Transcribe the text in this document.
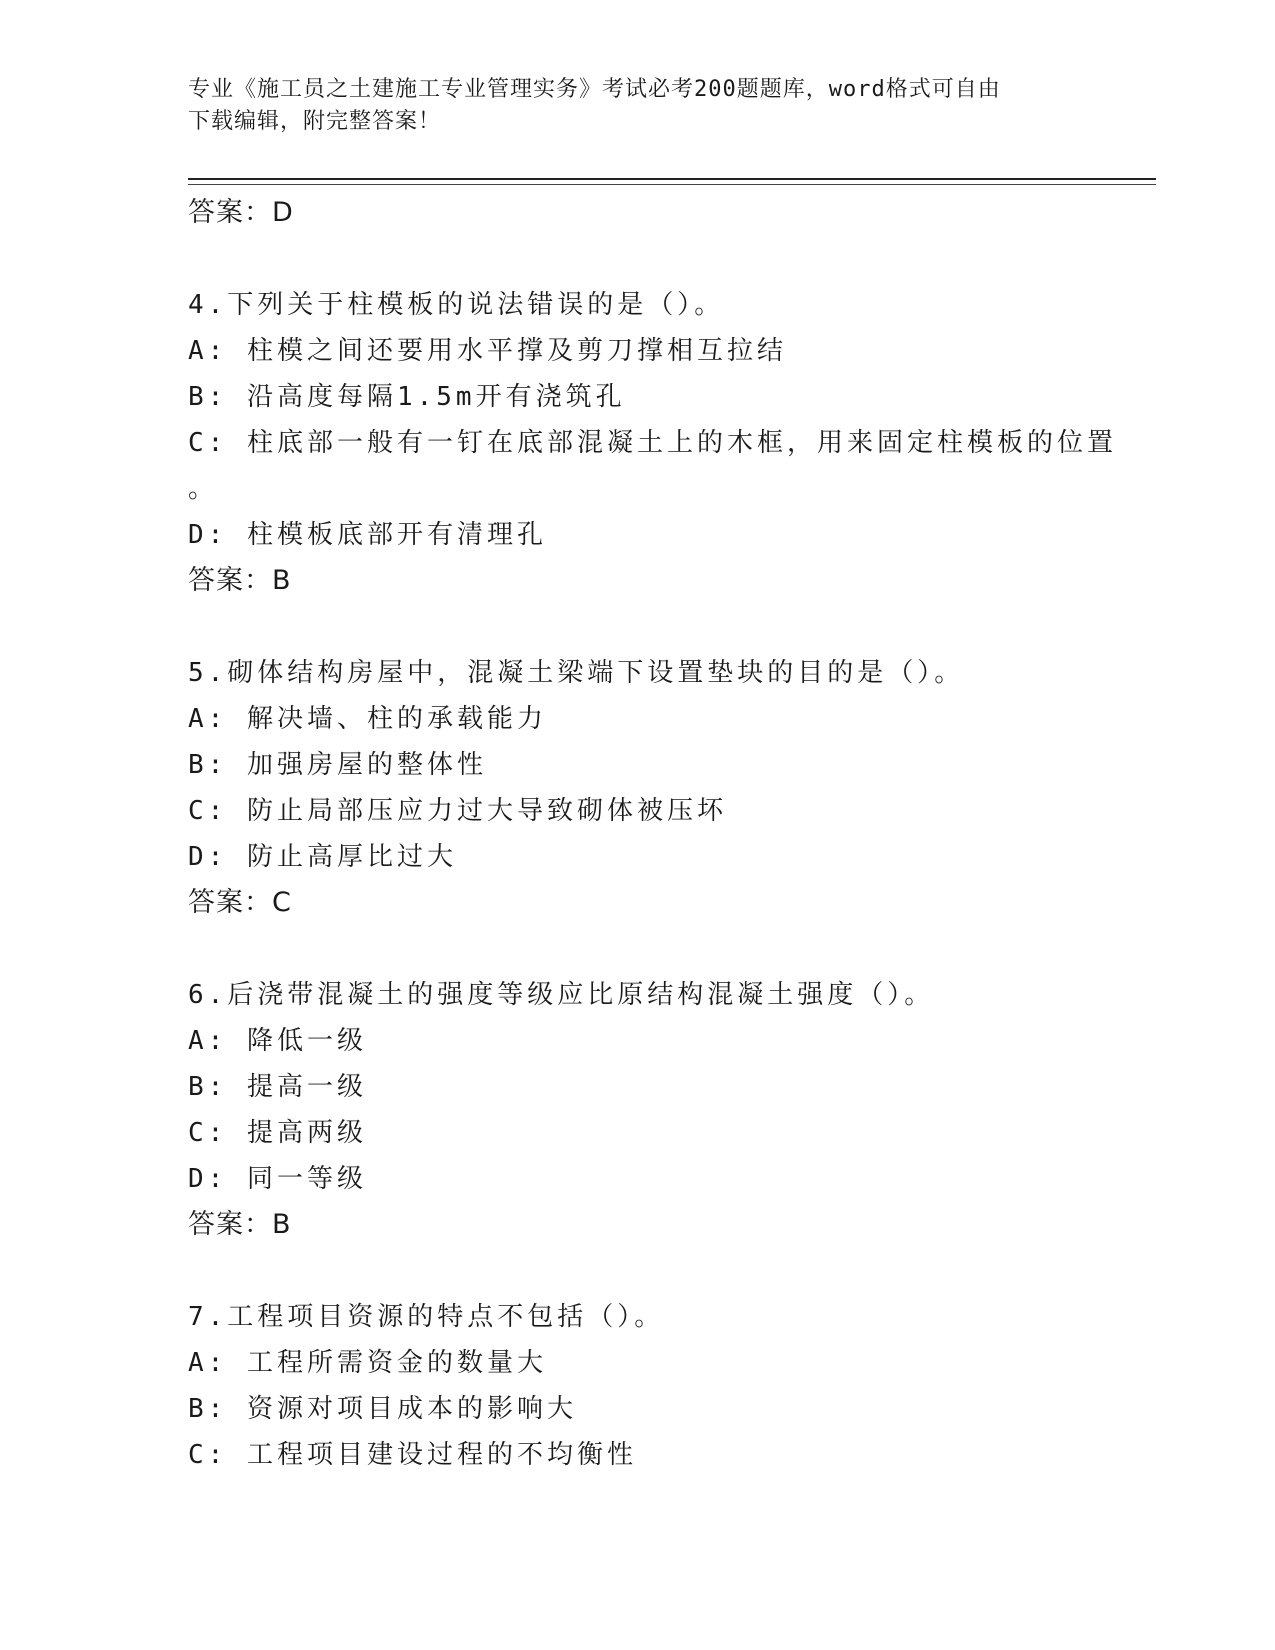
专业《施工员之土建施工专业管理实务》考试必考200题题库，word格式可自由
下载编辑，附完整答案！
答案：D
4.下列关于柱模板的说法错误的是（）。
A: 柱模之间还要用水平撑及剪刀撑相互拉结
B: 沿高度每隔1.5m开有浇筑孔
C: 柱底部一般有一钉在底部混凝土上的木框，用来固定柱模板的位置
。
D: 柱模板底部开有清理孔
答案：B
5.砌体结构房屋中，混凝土梁端下设置垫块的目的是（）。
A: 解决墙、柱的承载能力
B: 加强房屋的整体性
C: 防止局部压应力过大导致砌体被压坏
D: 防止高厚比过大
答案：C
6.后浇带混凝土的强度等级应比原结构混凝土强度（）。
A: 降低一级
B: 提高一级
C: 提高两级
D: 同一等级
答案：B
7.工程项目资源的特点不包括（）。
A: 工程所需资金的数量大
B: 资源对项目成本的影响大
C: 工程项目建设过程的不均衡性
